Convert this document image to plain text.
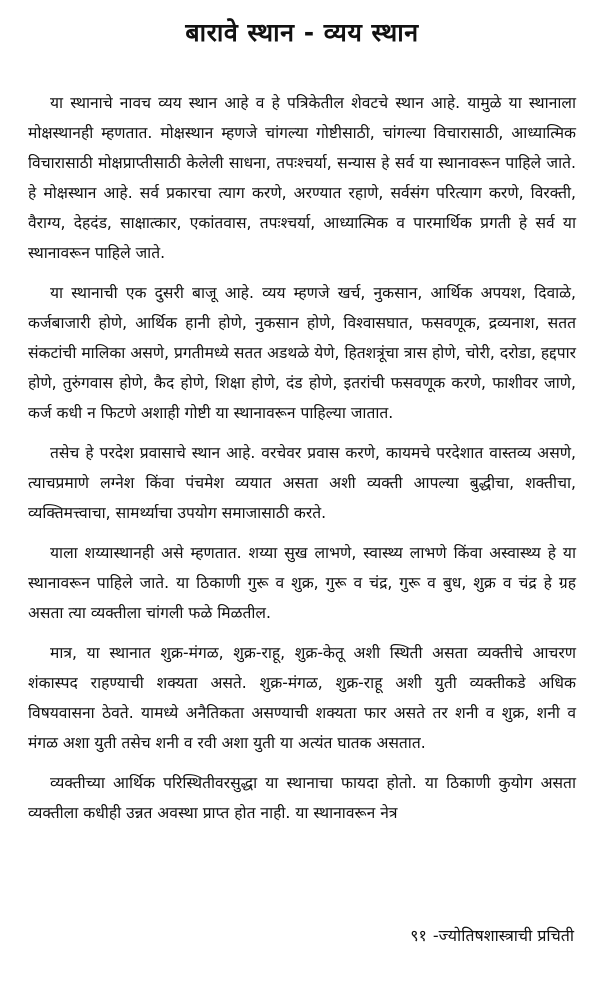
बारावे स्थान - व्यय स्थान

या स्थानाचे नावच व्यय स्थान आहे व हे पत्रिकेतील शेवटचे स्थान आहे. यामुळे या स्थानाला मोक्षस्थानही म्हणतात. मोक्षस्थान म्हणजे चांगल्या गोष्टीसाठी, चांगल्या विचारासाठी, आध्यात्मिक विचारासाठी मोक्षप्राप्तीसाठी केलेली साधना, तपःश्चर्या, सन्यास हे सर्व या स्थानावरून पाहिले जाते. हे मोक्षस्थान आहे. सर्व प्रकारचा त्याग करणे, अरण्यात रहाणे, सर्वसंग परित्याग करणे, विरक्ती, वैराग्य, देहदंड, साक्षात्कार, एकांतवास, तपःश्चर्या, आध्यात्मिक व पारमार्थिक प्रगती हे सर्व या स्थानावरून पाहिले जाते.

या स्थानाची एक दुसरी बाजू आहे. व्यय म्हणजे खर्च, नुकसान, आर्थिक अपयश, दिवाळे, कर्जबाजारी होणे, आर्थिक हानी होणे, नुकसान होणे, विश्वासघात, फसवणूक, द्रव्यनाश, सतत संकटांची मालिका असणे, प्रगतीमध्ये सतत अडथळे येणे, हितशत्रूंचा त्रास होणे, चोरी, दरोडा, हद्दपार होणे, तुरुंगवास होणे, कैद होणे, शिक्षा होणे, दंड होणे, इतरांची फसवणूक करणे, फाशीवर जाणे, कर्ज कधी न फिटणे अशाही गोष्टी या स्थानावरून पाहिल्या जातात.

तसेच हे परदेश प्रवासाचे स्थान आहे. वरचेवर प्रवास करणे, कायमचे परदेशात वास्तव्य असणे, त्याचप्रमाणे लग्नेश किंवा पंचमेश व्ययात असता अशी व्यक्ती आपल्या बुद्धीचा, शक्तीचा, व्यक्तिमत्त्वाचा, सामर्थ्याचा उपयोग समाजासाठी करते.

याला शय्यास्थानही असे म्हणतात. शय्या सुख लाभणे, स्वास्थ्य लाभणे किंवा अस्वास्थ्य हे या स्थानावरून पाहिले जाते. या ठिकाणी गुरू व शुक्र, गुरू व चंद्र, गुरू व बुध, शुक्र व चंद्र हे ग्रह असता त्या व्यक्तीला चांगली फळे मिळतील.

मात्र, या स्थानात शुक्र-मंगळ, शुक्र-राहू, शुक्र-केतू अशी स्थिती असता व्यक्तीचे आचरण शंकास्पद राहण्याची शक्यता असते. शुक्र-मंगळ, शुक्र-राहू अशी युती व्यक्तीकडे अधिक विषयवासना ठेवते. यामध्ये अनैतिकता असण्याची शक्यता फार असते तर शनी व शुक्र, शनी व मंगळ अशा युती तसेच शनी व रवी अशा युती या अत्यंत घातक असतात.

व्यक्तीच्या आर्थिक परिस्थितीवरसुद्धा या स्थानाचा फायदा होतो. या ठिकाणी कुयोग असता व्यक्तीला कधीही उन्नत अवस्था प्राप्त होत नाही. या स्थानावरून नेत्र

९१ -ज्योतिषशास्त्राची प्रचिती
